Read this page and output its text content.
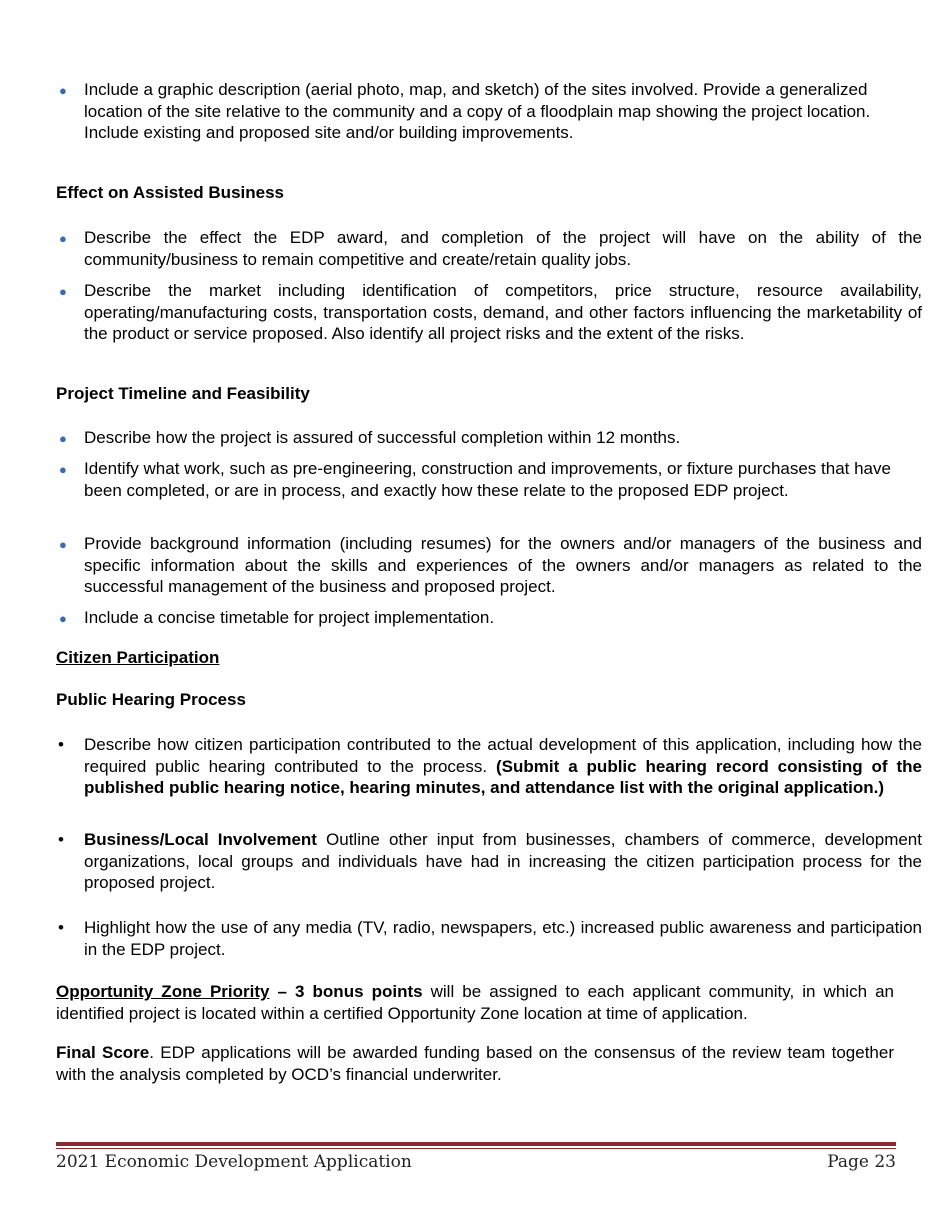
● Include a graphic description (aerial photo, map, and sketch) of the sites involved. Provide a generalized location of the site relative to the community and a copy of a floodplain map showing the project location. Include existing and proposed site and/or building improvements.

Effect on Assisted Business
● Describe the effect the EDP award, and completion of the project will have on the ability of the community/business to remain competitive and create/retain quality jobs.

● Describe the market including identification of competitors, price structure, resource availability, operating/manufacturing costs, transportation costs, demand, and other factors influencing the marketability of the product or service proposed. Also identify all project risks and the extent of the risks.

Project Timeline and Feasibility
● Describe how the project is assured of successful completion within 12 months.

● Identify what work, such as pre-engineering, construction and improvements, or fixture purchases that have been completed, or are in process, and exactly how these relate to the proposed EDP project.

● Provide background information (including resumes) for the owners and/or managers of the business and specific information about the skills and experiences of the owners and/or managers as related to the successful management of the business and proposed project.

● Include a concise timetable for project implementation.

Citizen Participation
Public Hearing Process
• Describe how citizen participation contributed to the actual development of this application, including how the required public hearing contributed to the process. (Submit a public hearing record consisting of the published public hearing notice, hearing minutes, and attendance list with the original application.)

• Business/Local Involvement Outline other input from businesses, chambers of commerce, development organizations, local groups and individuals have had in increasing the citizen participation process for the proposed project.

• Highlight how the use of any media (TV, radio, newspapers, etc.) increased public awareness and participation in the EDP project.

Opportunity Zone Priority – 3 bonus points will be assigned to each applicant community, in which an identified project is located within a certified Opportunity Zone location at time of application.

Final Score. EDP applications will be awarded funding based on the consensus of the review team together with the analysis completed by OCD’s financial underwriter.

2021 Economic Development Application	Page 23
